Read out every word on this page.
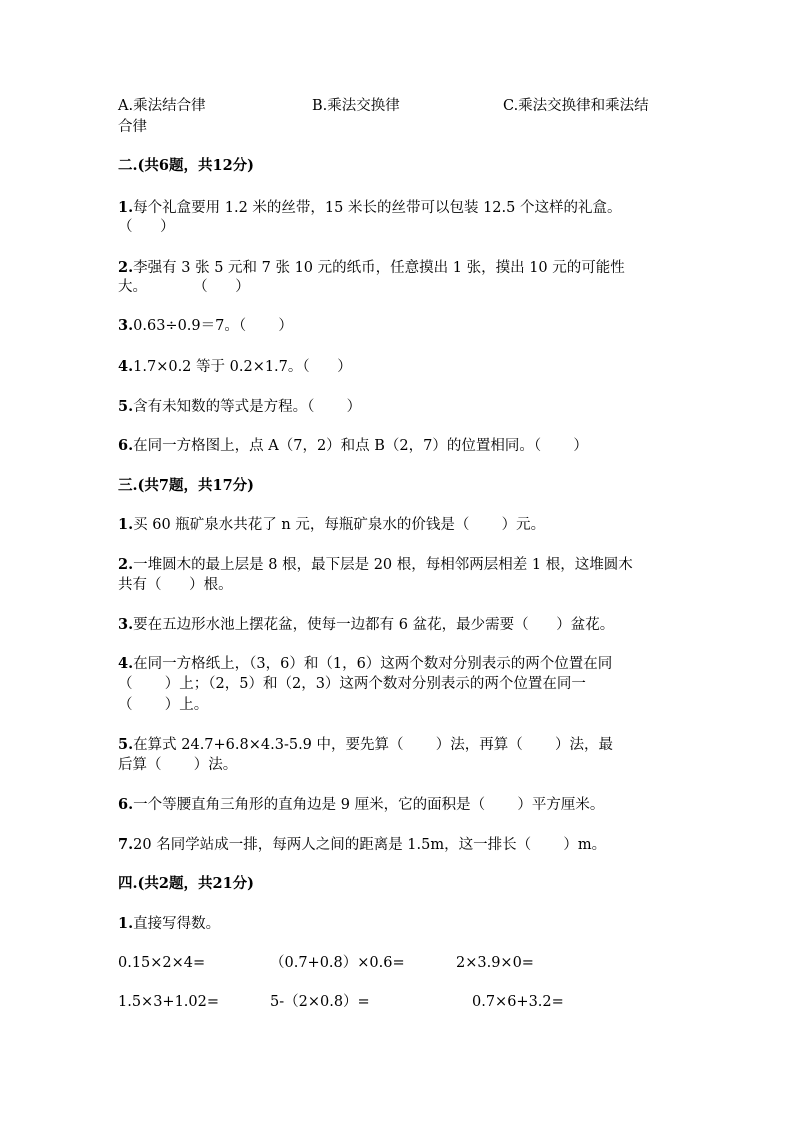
A.乘法结合律	B.乘法交换律	C.乘法交换律和乘法结
合律
二.(共6题，共12分)
1.每个礼盒要用 1.2 米的丝带，15 米长的丝带可以包装 12.5 个这样的礼盒。
（      ）
2.李强有 3 张 5 元和 7 张 10 元的纸币，任意摸出 1 张，摸出 10 元的可能性
大。          （      ）
3.0.63÷0.9＝7。（       ）
4.1.7×0.2 等于 0.2×1.7。（      ）
5.含有未知数的等式是方程。（       ）
6.在同一方格图上，点 A（7，2）和点 B（2，7）的位置相同。（       ）
三.(共7题，共17分)
1.买 60 瓶矿泉水共花了 n 元，每瓶矿泉水的价钱是（       ）元。
2.一堆圆木的最上层是 8 根，最下层是 20 根，每相邻两层相差 1 根，这堆圆木
共有（      ）根。
3.要在五边形水池上摆花盆，使每一边都有 6 盆花，最少需要（      ）盆花。
4.在同一方格纸上，（3，6）和（1，6）这两个数对分别表示的两个位置在同
（       ）上；（2，5）和（2，3）这两个数对分别表示的两个位置在同一
（       ）上。
5.在算式 24.7+6.8×4.3-5.9 中，要先算（       ）法，再算（       ）法，最
后算（       ）法。
6.一个等腰直角三角形的直角边是 9 厘米，它的面积是（       ）平方厘米。
7.20 名同学站成一排，每两人之间的距离是 1.5m，这一排长（       ）m。
四.(共2题，共21分)
1.直接写得数。
0.15×2×4=	（0.7+0.8）×0.6=	2×3.9×0=
1.5×3+1.02=	5-（2×0.8）=	0.7×6+3.2=
